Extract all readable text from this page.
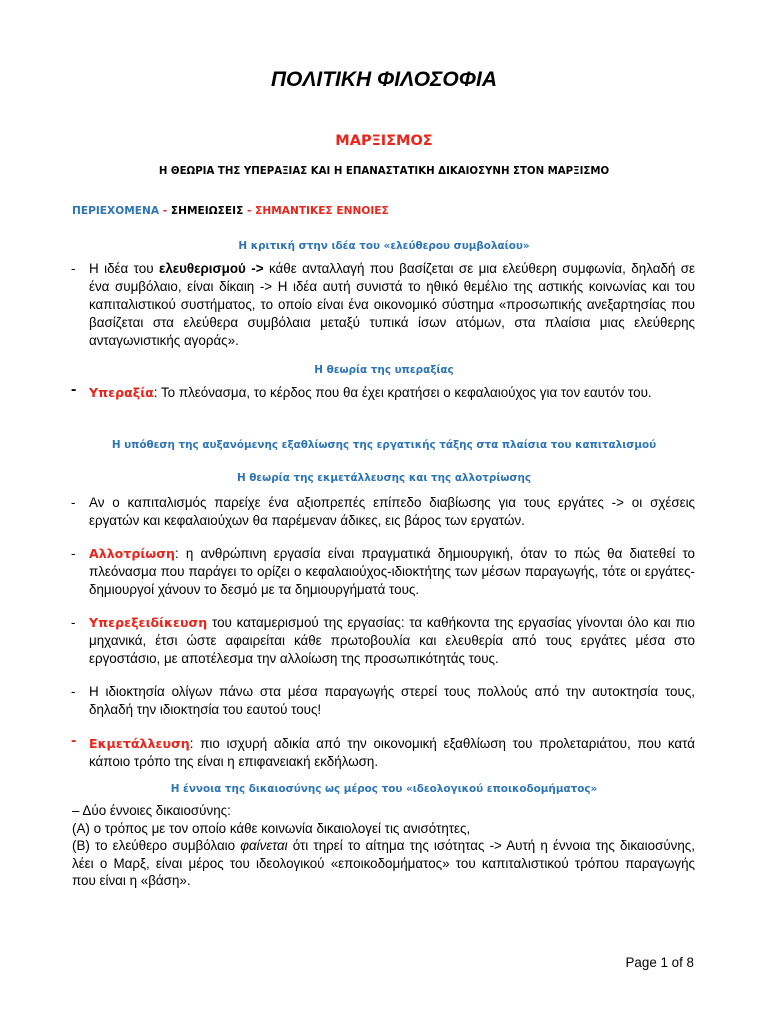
ΠΟΛΙΤΙΚΗ ΦΙΛΟΣΟΦΙΑ
ΜΑΡΞΙΣΜΟΣ
Η ΘΕΩΡΙΑ ΤΗΣ ΥΠΕΡΑΞΙΑΣ ΚΑΙ Η ΕΠΑΝΑΣΤΑΤΙΚΗ ΔΙΚΑΙΟΣΥΝΗ ΣΤΟΝ ΜΑΡΞΙΣΜΟ
ΠΕΡΙΕΧΟΜΕΝΑ - ΣΗΜΕΙΩΣΕΙΣ - ΣΗΜΑΝΤΙΚΕΣ ΕΝΝΟΙΕΣ
Η κριτική στην ιδέα του «ελεύθερου συμβολαίου»
-	Η ιδέα του ελευθερισμού -> κάθε ανταλλαγή που βασίζεται σε μια ελεύθερη συμφωνία, δηλαδή σε ένα συμβόλαιο, είναι δίκαιη -> Η ιδέα αυτή συνιστά το ηθικό θεμέλιο της αστικής κοινωνίας και του καπιταλιστικού συστήματος, το οποίο είναι ένα οικονομικό σύστημα «προσωπικής ανεξαρτησίας που βασίζεται στα ελεύθερα συμβόλαια μεταξύ τυπικά ίσων ατόμων, στα πλαίσια μιας ελεύθερης ανταγωνιστικής αγοράς».
Η θεωρία της υπεραξίας
-	Υπεραξία: Το πλεόνασμα, το κέρδος που θα έχει κρατήσει ο κεφαλαιούχος για τον εαυτόν του.
Η υπόθεση της αυξανόμενης εξαθλίωσης της εργατικής τάξης στα πλαίσια του καπιταλισμού
Η θεωρία της εκμετάλλευσης και της αλλοτρίωσης
-	Αν ο καπιταλισμός παρείχε ένα αξιοπρεπές επίπεδο διαβίωσης για τους εργάτες -> οι σχέσεις εργατών και κεφαλαιούχων θα παρέμεναν άδικες, εις βάρος των εργατών.
-	Αλλοτρίωση: η ανθρώπινη εργασία είναι πραγματικά δημιουργική, όταν το πώς θα διατεθεί το πλεόνασμα που παράγει το ορίζει ο κεφαλαιούχος-ιδιοκτήτης των μέσων παραγωγής, τότε οι εργάτες-δημιουργοί χάνουν το δεσμό με τα δημιουργήματά τους.
-	Υπερεξειδίκευση του καταμερισμού της εργασίας: τα καθήκοντα της εργασίας γίνονται όλο και πιο μηχανικά, έτσι ώστε αφαιρείται κάθε πρωτοβουλία και ελευθερία από τους εργάτες μέσα στο εργοστάσιο, με αποτέλεσμα την αλλοίωση της προσωπικότητάς τους.
-	Η ιδιοκτησία ολίγων πάνω στα μέσα παραγωγής στερεί τους πολλούς από την αυτοκτησία τους, δηλαδή την ιδιοκτησία του εαυτού τους!
-	Εκμετάλλευση: πιο ισχυρή αδικία από την οικονομική εξαθλίωση του προλεταριάτου, που κατά κάποιο τρόπο της είναι η επιφανειακή εκδήλωση.
Η έννοια της δικαιοσύνης ως μέρος του «ιδεολογικού εποικοδομήματος»
– Δύο έννοιες δικαιοσύνης:
(Α) ο τρόπος με τον οποίο κάθε κοινωνία δικαιολογεί τις ανισότητες,
(Β) το ελεύθερο συμβόλαιο φαίνεται ότι τηρεί το αίτημα της ισότητας -> Αυτή η έννοια της δικαιοσύνης, λέει ο Μαρξ, είναι μέρος του ιδεολογικού «εποικοδομήματος» του καπιταλιστικού τρόπου παραγωγής που είναι η «βάση».
Page 1 of 8
